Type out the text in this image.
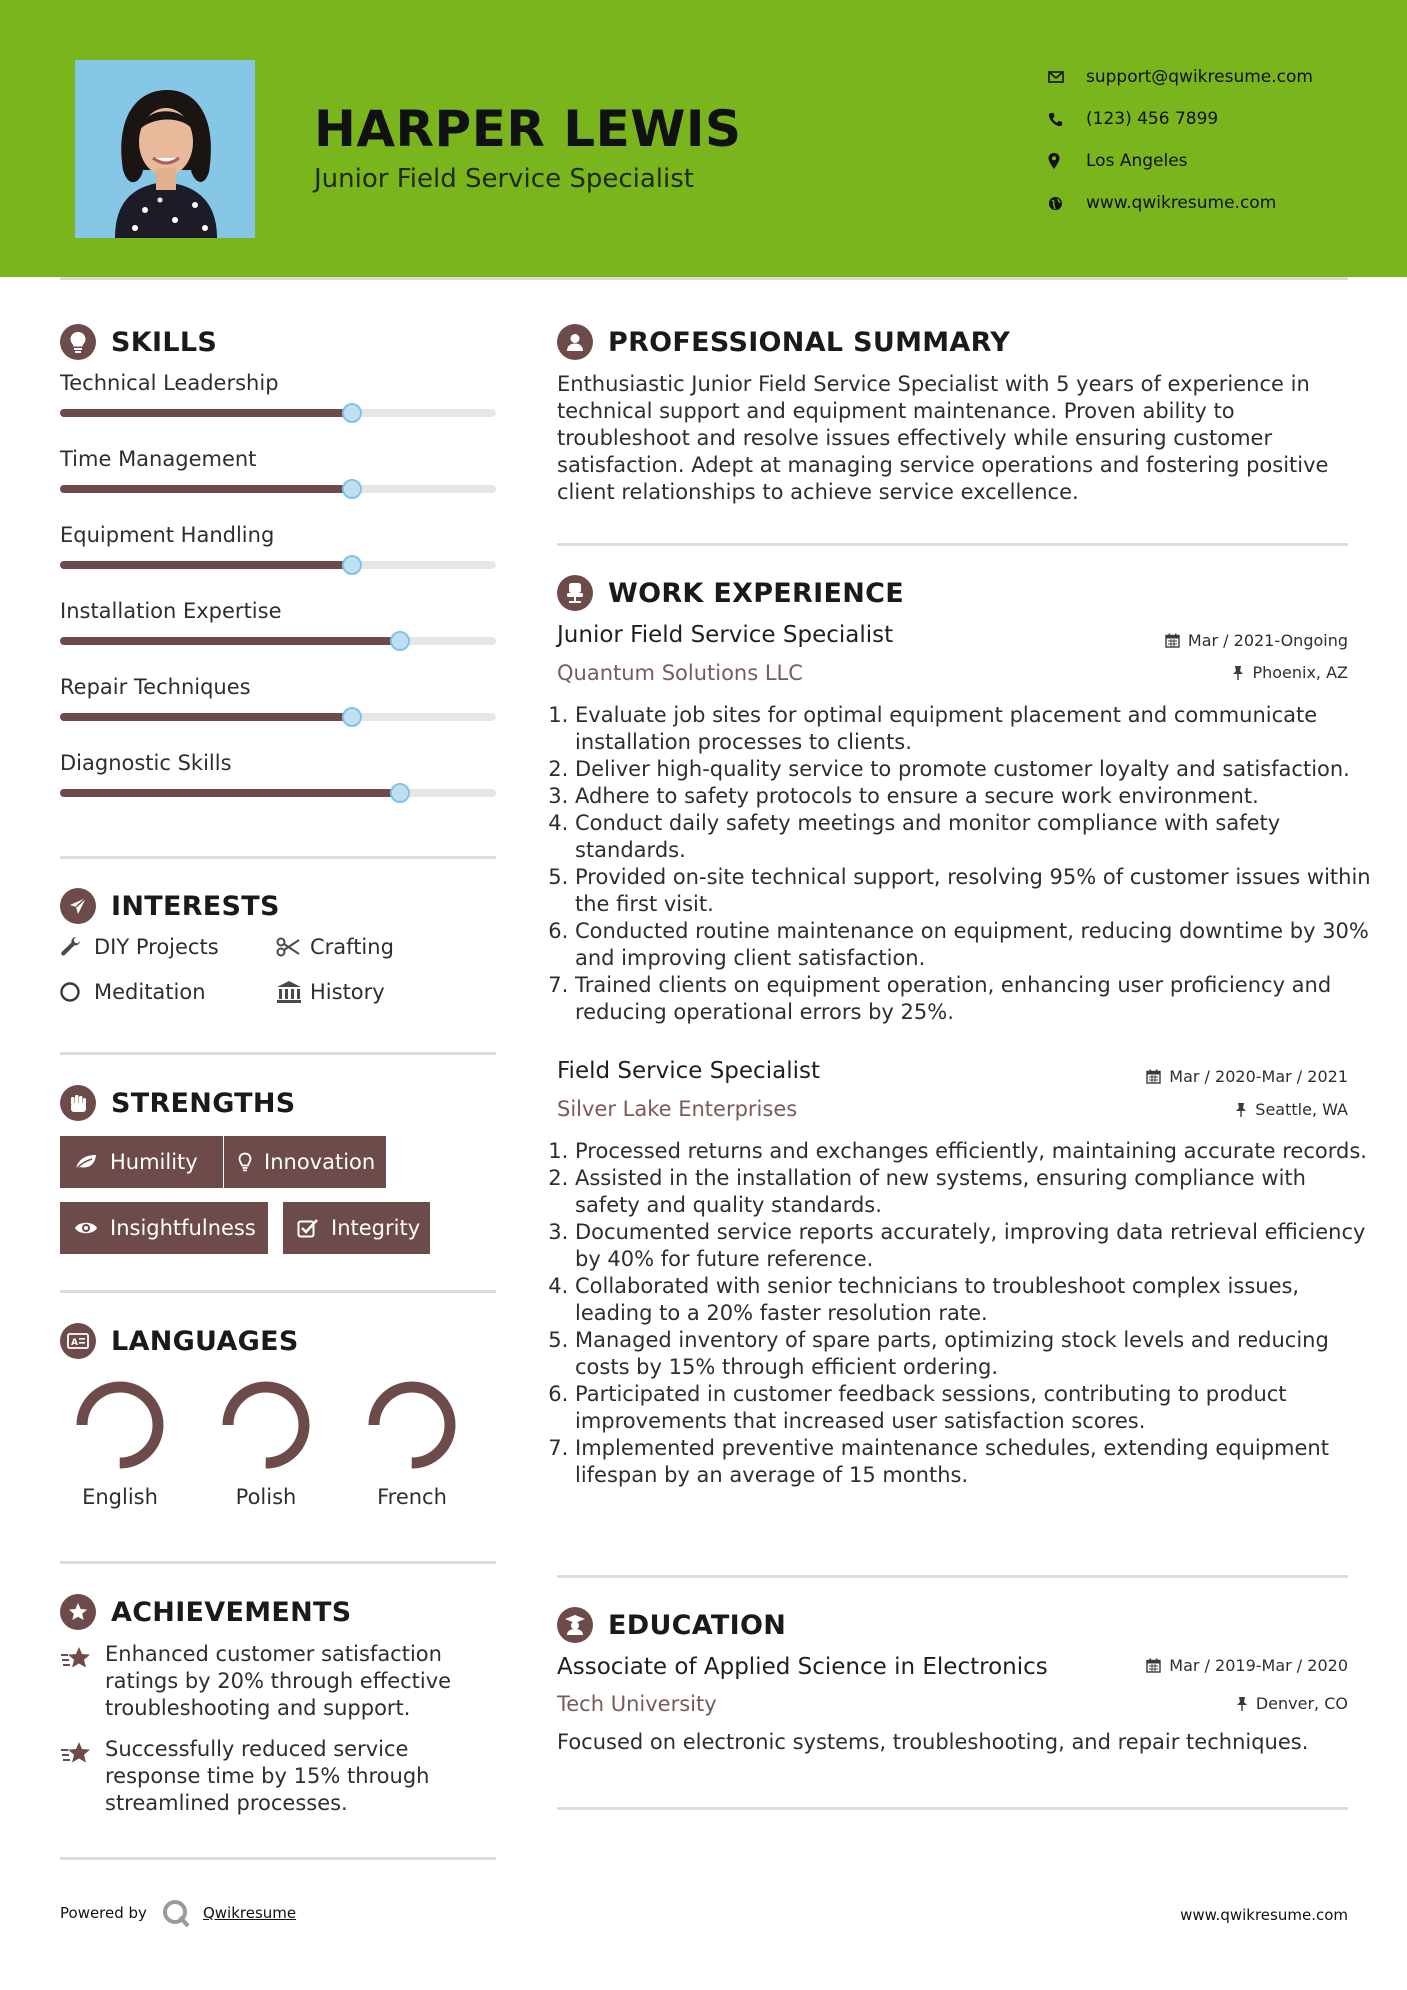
HARPER LEWIS
Junior Field Service Specialist
support@qwikresume.com
(123) 456 7899
Los Angeles
www.qwikresume.com
SKILLS
Technical Leadership
Time Management
Equipment Handling
Installation Expertise
Repair Techniques
Diagnostic Skills
INTERESTS
DIY Projects	Crafting
Meditation	History
STRENGTHS
Humility	Innovation
Insightfulness	Integrity
A LANGUAGES
English	Polish	French
ACHIEVEMENTS
Enhanced customer satisfaction ratings by 20% through effective troubleshooting and support.
Successfully reduced service response time by 15% through streamlined processes.
PROFESSIONAL SUMMARY
Enthusiastic Junior Field Service Specialist with 5 years of experience in technical support and equipment maintenance. Proven ability to troubleshoot and resolve issues effectively while ensuring customer satisfaction. Adept at managing service operations and fostering positive client relationships to achieve service excellence.
WORK EXPERIENCE
Junior Field Service Specialist	Mar / 2021-Ongoing
Quantum Solutions LLC	Phoenix, AZ
1. Evaluate job sites for optimal equipment placement and communicate installation processes to clients.
2. Deliver high-quality service to promote customer loyalty and satisfaction.
3. Adhere to safety protocols to ensure a secure work environment.
4. Conduct daily safety meetings and monitor compliance with safety standards.
5. Provided on-site technical support, resolving 95% of customer issues within the first visit.
6. Conducted routine maintenance on equipment, reducing downtime by 30% and improving client satisfaction.
7. Trained clients on equipment operation, enhancing user proficiency and reducing operational errors by 25%.
Field Service Specialist	Mar / 2020-Mar / 2021
Silver Lake Enterprises	Seattle, WA
1. Processed returns and exchanges efficiently, maintaining accurate records.
2. Assisted in the installation of new systems, ensuring compliance with safety and quality standards.
3. Documented service reports accurately, improving data retrieval efficiency by 40% for future reference.
4. Collaborated with senior technicians to troubleshoot complex issues, leading to a 20% faster resolution rate.
5. Managed inventory of spare parts, optimizing stock levels and reducing costs by 15% through efficient ordering.
6. Participated in customer feedback sessions, contributing to product improvements that increased user satisfaction scores.
7. Implemented preventive maintenance schedules, extending equipment lifespan by an average of 15 months.
EDUCATION
Associate of Applied Science in Electronics	Mar / 2019-Mar / 2020
Tech University	Denver, CO
Focused on electronic systems, troubleshooting, and repair techniques.
Powered by	Qwikresume	www.qwikresume.com
